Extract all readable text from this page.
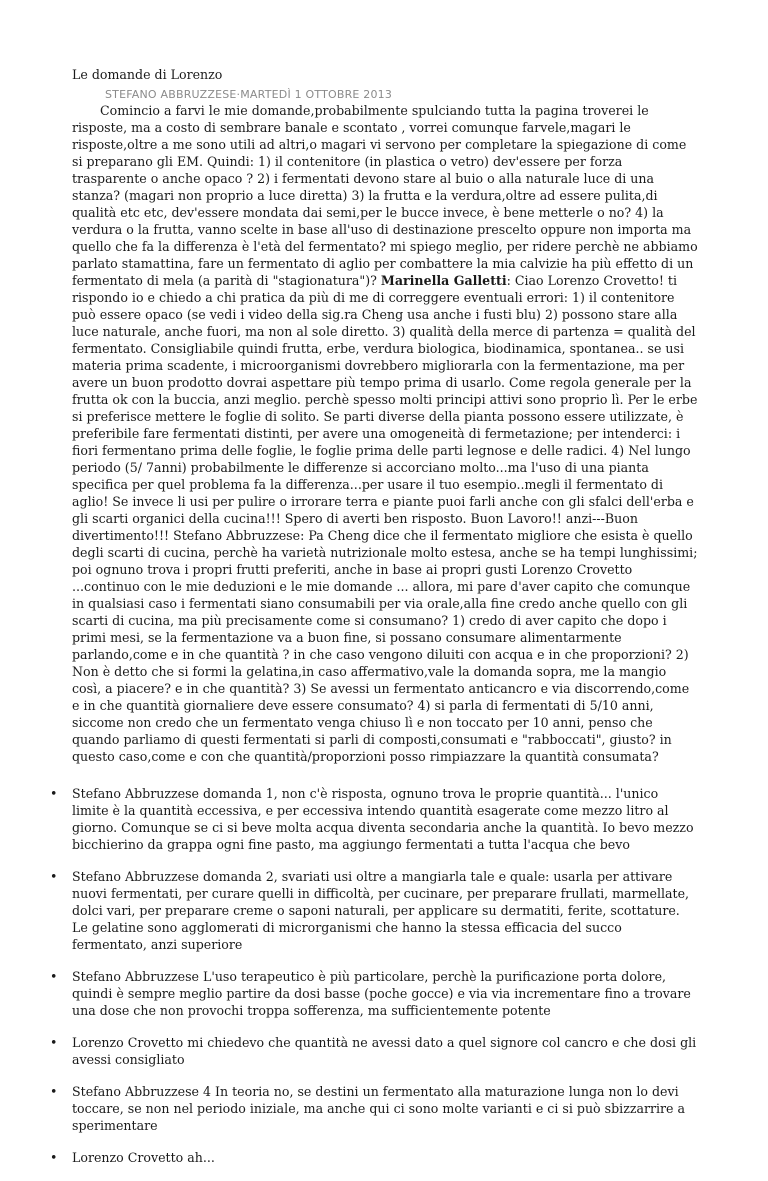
Le domande di Lorenzo
STEFANO ABBRUZZESE·MARTEDÌ 1 OTTOBRE 2013

Comincio a farvi le mie domande,probabilmente spulciando tutta la pagina troverei le risposte, ma a costo di sembrare banale e scontato , vorrei comunque farvele,magari le risposte,oltre a me sono utili ad altri,o magari vi servono per completare la spiegazione di come si preparano gli EM. Quindi: 1) il contenitore (in plastica o vetro) dev'essere per forza trasparente o anche opaco ? 2) i fermentati devono stare al buio o alla naturale luce di una stanza? (magari non proprio a luce diretta) 3) la frutta e la verdura,oltre ad essere pulita,di qualità etc etc, dev'essere mondata dai semi,per le bucce invece, è bene metterle o no? 4) la verdura o la frutta, vanno scelte in base all'uso di destinazione prescelto oppure non importa ma quello che fa la differenza è l'età del fermentato? mi spiego meglio, per ridere perchè ne abbiamo parlato stamattina, fare un fermentato di aglio per combattere la mia calvizie ha più effetto di un fermentato di mela (a parità di "stagionatura")? Marinella Galletti: Ciao Lorenzo Crovetto! ti rispondo io e chiedo a chi pratica da più di me di correggere eventuali errori: 1) il contenitore può essere opaco (se vedi i video della sig.ra Cheng usa anche i fusti blu) 2) possono stare alla luce naturale, anche fuori, ma non al sole diretto. 3) qualità della merce di partenza = qualità del fermentato. Consigliabile quindi frutta, erbe, verdura biologica, biodinamica, spontanea.. se usi materia prima scadente, i microorganismi dovrebbero migliorarla con la fermentazione, ma per avere un buon prodotto dovrai aspettare più tempo prima di usarlo. Come regola generale per la frutta ok con la buccia, anzi meglio. perchè spesso molti principi attivi sono proprio lì. Per le erbe si preferisce mettere le foglie di solito. Se parti diverse della pianta possono essere utilizzate, è preferibile fare fermentati distinti, per avere una omogeneità di fermetazione; per intenderci: i fiori fermentano prima delle foglie, le foglie prima delle parti legnose e delle radici. 4) Nel lungo periodo (5/ 7anni) probabilmente le differenze si accorciano molto...ma l'uso di una pianta specifica per quel problema fa la differenza...per usare il tuo esempio..megli il fermentato di aglio! Se invece li usi per pulire o irrorare terra e piante puoi farli anche con gli sfalci dell'erba e gli scarti organici della cucina!!! Spero di averti ben risposto. Buon Lavoro!! anzi---Buon divertimento!!! Stefano Abbruzzese: Pa Cheng dice che il fermentato migliore che esista è quello degli scarti di cucina, perchè ha varietà nutrizionale molto estesa, anche se ha tempi lunghissimi; poi ognuno trova i propri frutti preferiti, anche in base ai propri gusti Lorenzo Crovetto ...continuo con le mie deduzioni e le mie domande ... allora, mi pare d'aver capito che comunque in qualsiasi caso i fermentati siano consumabili per via orale,alla fine credo anche quello con gli scarti di cucina, ma più precisamente come si consumano? 1) credo di aver capito che dopo i primi mesi, se la fermentazione va a buon fine, si possano consumare alimentarmente parlando,come e in che quantità ? in che caso vengono diluiti con acqua e in che proporzioni? 2) Non è detto che si formi la gelatina,in caso affermativo,vale la domanda sopra, me la mangio così, a piacere? e in che quantità? 3) Se avessi un fermentato anticancro e via discorrendo,come e in che quantità giornaliere deve essere consumato? 4) si parla di fermentati di 5/10 anni, siccome non credo che un fermentato venga chiuso lì e non toccato per 10 anni, penso che quando parliamo di questi fermentati si parli di composti,consumati e "rabboccati", giusto? in questo caso,come e con che quantità/proporzioni posso rimpiazzare la quantità consumata?

•	Stefano Abbruzzese domanda 1, non c'è risposta, ognuno trova le proprie quantità... l'unico limite è la quantità eccessiva, e per eccessiva intendo quantità esagerate come mezzo litro al giorno. Comunque se ci si beve molta acqua diventa secondaria anche la quantità. Io bevo mezzo bicchierino da grappa ogni fine pasto, ma aggiungo fermentati a tutta l'acqua che bevo
•	Stefano Abbruzzese domanda 2, svariati usi oltre a mangiarla tale e quale: usarla per attivare nuovi fermentati, per curare quelli in difficoltà, per cucinare, per preparare frullati, marmellate, dolci vari, per preparare creme o saponi naturali, per applicare su dermatiti, ferite, scottature. Le gelatine sono agglomerati di microrganismi che hanno la stessa efficacia del succo fermentato, anzi superiore
•	Stefano Abbruzzese L'uso terapeutico è più particolare, perchè la purificazione porta dolore, quindi è sempre meglio partire da dosi basse (poche gocce) e via via incrementare fino a trovare una dose che non provochi troppa sofferenza, ma sufficientemente potente
•	Lorenzo Crovetto mi chiedevo che quantità ne avessi dato a quel signore col cancro e che dosi gli avessi consigliato
•	Stefano Abbruzzese 4 In teoria no, se destini un fermentato alla maturazione lunga non lo devi toccare, se non nel periodo iniziale, ma anche qui ci sono molte varianti e ci si può sbizzarrire a sperimentare
•	Lorenzo Crovetto ah...
